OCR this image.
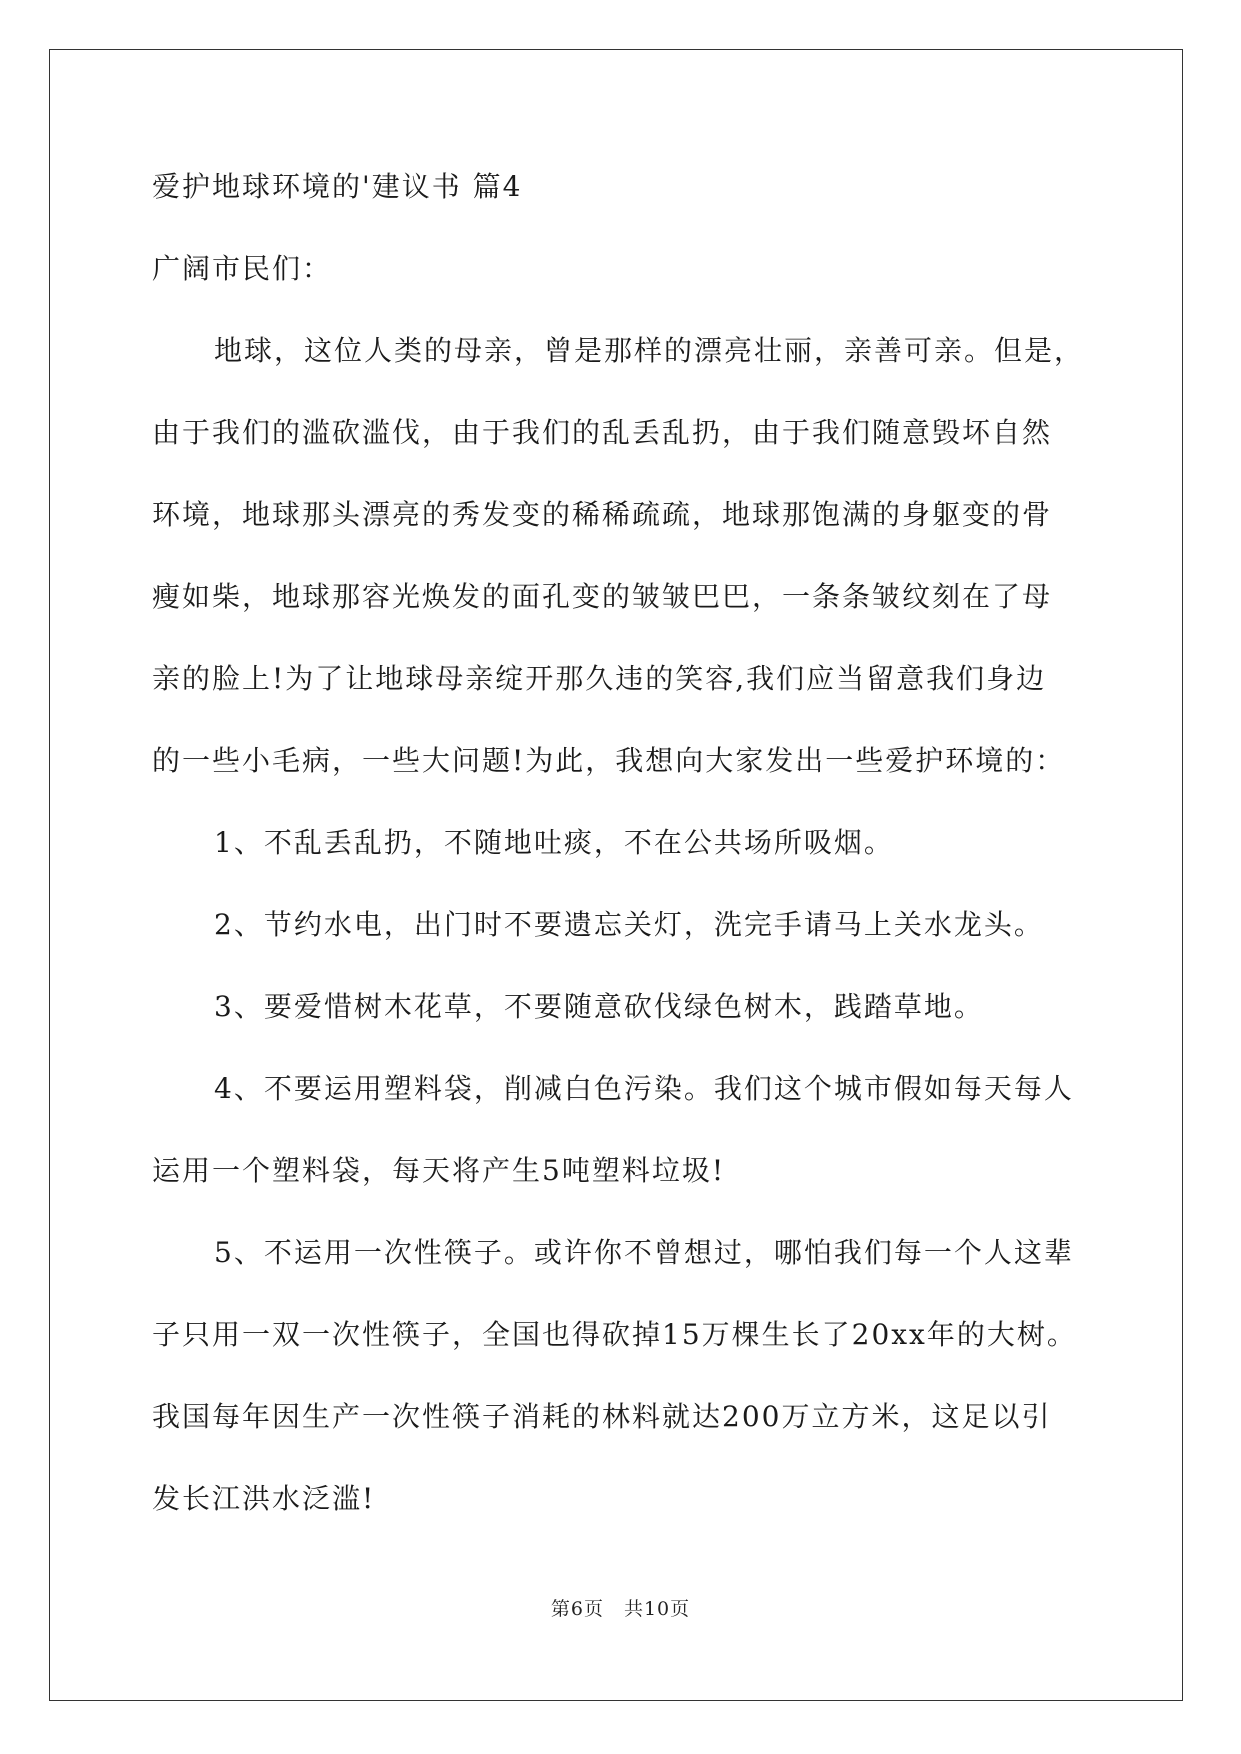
爱护地球环境的'建议书 篇4
广阔市民们：
地球，这位人类的母亲，曾是那样的漂亮壮丽，亲善可亲。但是，
由于我们的滥砍滥伐，由于我们的乱丢乱扔，由于我们随意毁坏自然
环境，地球那头漂亮的秀发变的稀稀疏疏，地球那饱满的身躯变的骨
瘦如柴，地球那容光焕发的面孔变的皱皱巴巴，一条条皱纹刻在了母
亲的脸上!为了让地球母亲绽开那久违的笑容,我们应当留意我们身边
的一些小毛病，一些大问题!为此，我想向大家发出一些爱护环境的：
1、不乱丢乱扔，不随地吐痰，不在公共场所吸烟。
2、节约水电，出门时不要遗忘关灯，洗完手请马上关水龙头。
3、要爱惜树木花草，不要随意砍伐绿色树木，践踏草地。
4、不要运用塑料袋，削减白色污染。我们这个城市假如每天每人
运用一个塑料袋，每天将产生5吨塑料垃圾!
5、不运用一次性筷子。或许你不曾想过，哪怕我们每一个人这辈
子只用一双一次性筷子，全国也得砍掉15万棵生长了20xx年的大树。
我国每年因生产一次性筷子消耗的林料就达200万立方米，这足以引
发长江洪水泛滥!
第6页　共10页
